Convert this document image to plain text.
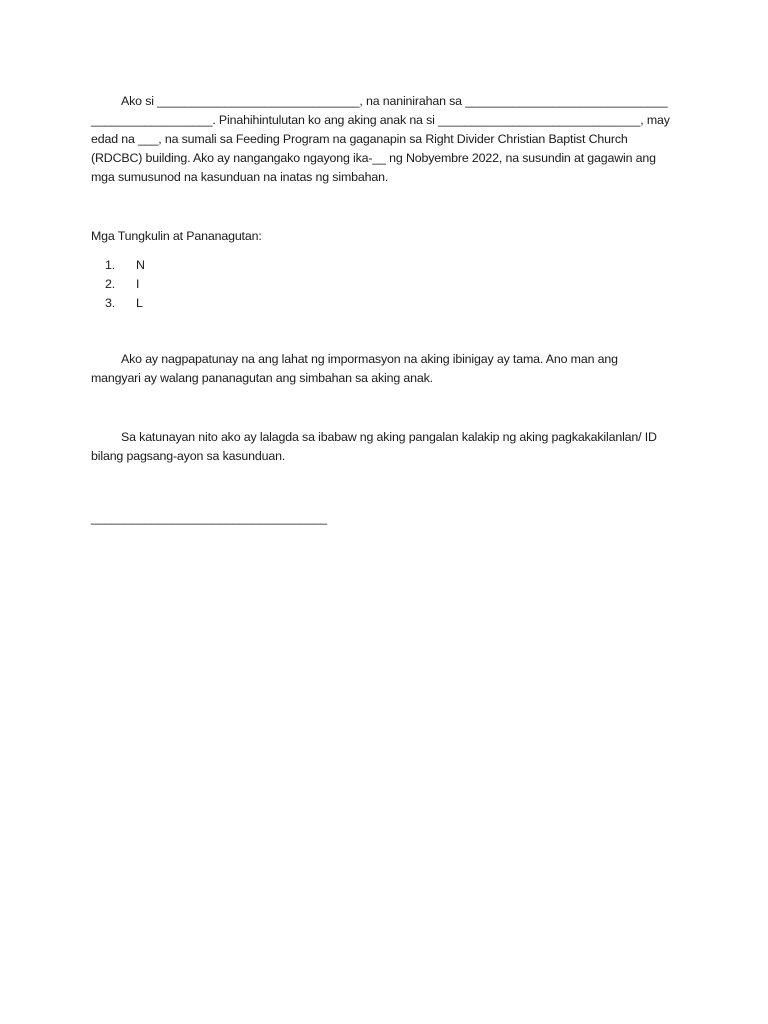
Ako si ______________________________, na naninirahan sa ______________________________
__________________. Pinahihintulutan ko ang aking anak na si ______________________________, may
edad na ___, na sumali sa Feeding Program na gaganapin sa Right Divider Christian Baptist Church
(RDCBC) building. Ako ay nangangako ngayong ika-__ ng Nobyembre 2022, na susundin at gagawin ang
mga sumusunod na kasunduan na inatas ng simbahan.

Mga Tungkulin at Pananagutan:

1.	N
2.	I
3.	L
Ako ay nagpapatunay na ang lahat ng impormasyon na aking ibinigay ay tama. Ano man ang
mangyari ay walang pananagutan ang simbahan sa aking anak.
Sa katunayan nito ako ay lalagda sa ibabaw ng aking pangalan kalakip ng aking pagkakakilanlan/ ID
bilang pagsang-ayon sa kasunduan.
___________________________________
